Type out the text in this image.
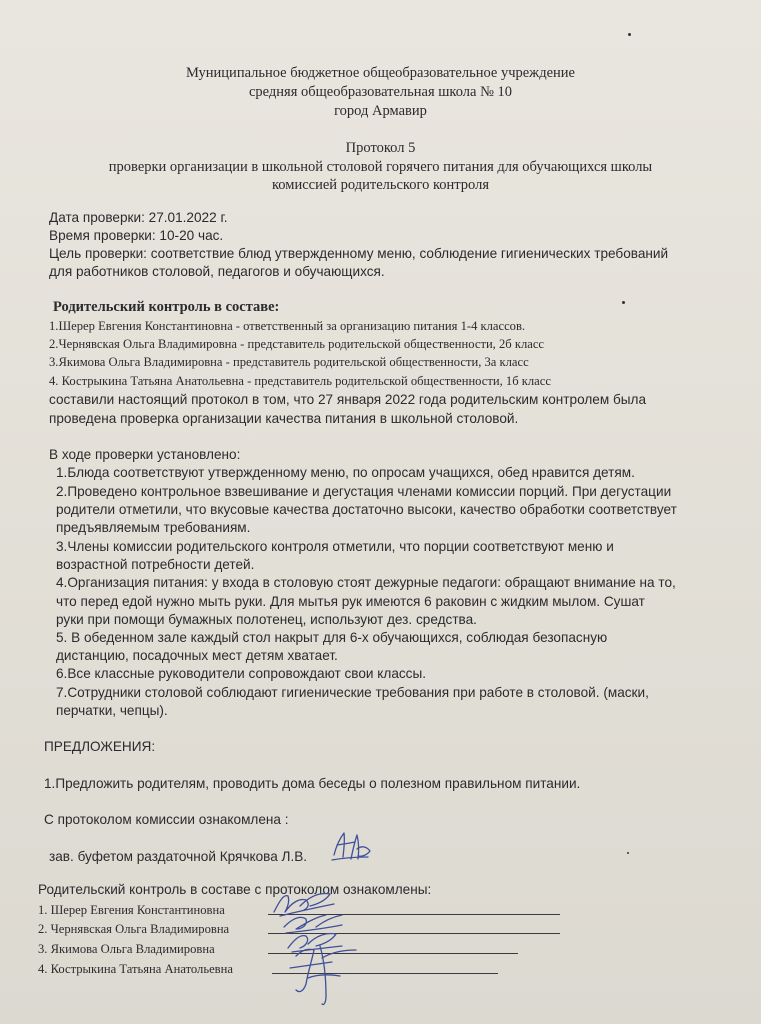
Муниципальное бюджетное общеобразовательное учреждение
средняя общеобразовательная школа № 10
город Армавир
Протокол 5
проверки организации в школьной столовой горячего питания для обучающихся школы
комиссией родительского контроля
Дата проверки: 27.01.2022 г.
Время проверки: 10-20 час.
Цель проверки: соответствие блюд утвержденному меню, соблюдение гигиенических требований
для работников столовой, педагогов и обучающихся.
Родительский контроль в составе:
1.Шерер Евгения Константиновна - ответственный за организацию питания 1-4 классов.
2.Чернявская Ольга Владимировна - представитель родительской общественности, 2б класс
3.Якимова Ольга Владимировна - представитель родительской общественности, 3а класс
4. Кострыкина Татьяна Анатольевна - представитель родительской общественности, 1б класс
составили настоящий протокол в том, что 27 января 2022 года родительским контролем была
проведена проверка организации качества питания в школьной столовой.
В ходе проверки установлено:
1.Блюда соответствуют утвержденному меню, по опросам учащихся, обед нравится детям.
2.Проведено контрольное взвешивание и дегустация членами комиссии порций. При дегустации
родители отметили, что вкусовые качества достаточно высоки, качество обработки соответствует
предъявляемым требованиям.
3.Члены комиссии родительского контроля отметили, что порции соответствуют меню и
возрастной потребности детей.
4.Организация питания: у входа в столовую стоят дежурные педагоги: обращают внимание на то,
что перед едой нужно мыть руки. Для мытья рук имеются 6 раковин с жидким мылом. Сушат
руки при помощи бумажных полотенец, используют дез. средства.
5. В обеденном зале каждый стол накрыт для 6-х обучающихся, соблюдая безопасную
дистанцию, посадочных мест детям хватает.
6.Все классные руководители сопровождают свои классы.
7.Сотрудники столовой соблюдают гигиенические требования при работе в столовой. (маски,
перчатки, чепцы).
ПРЕДЛОЖЕНИЯ:
1.Предложить родителям, проводить дома беседы о полезном правильном питании.
С протоколом комиссии ознакомлена :
зав. буфетом раздаточной Крячкова Л.В.
Родительский контроль в составе с протоколом ознакомлены:
1. Шерер Евгения Константиновна
2. Чернявская Ольга Владимировна
3. Якимова Ольга Владимировна
4. Кострыкина Татьяна Анатольевна
